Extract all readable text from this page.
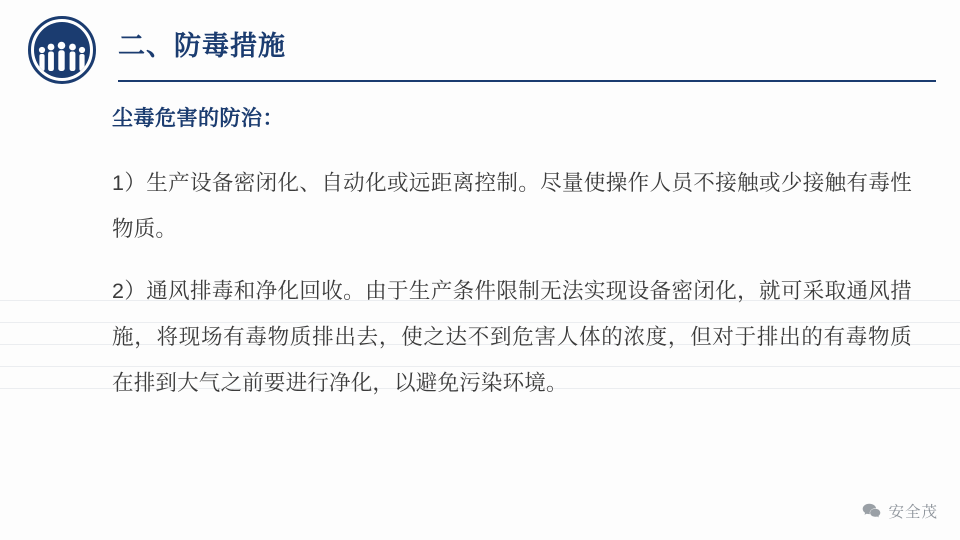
二、防毒措施

尘毒危害的防治：

1）生产设备密闭化、自动化或远距离控制。尽量使操作人员不接触或少接触有毒性物质。

2）通风排毒和净化回收。由于生产条件限制无法实现设备密闭化，就可采取通风措施，将现场有毒物质排出去，使之达不到危害人体的浓度，但对于排出的有毒物质在排到大气之前要进行净化，以避免污染环境。

安全茂
